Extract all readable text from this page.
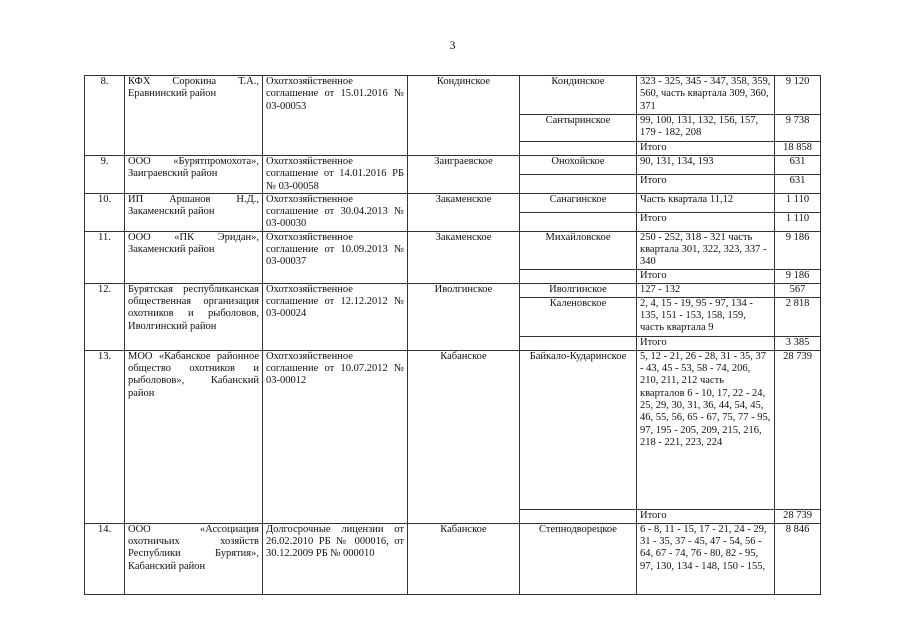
3
8.	КФХ Сорокина Т.А., Еравнинский район	Охотхозяйственное соглашение от 15.01.2016 № 03-00053	Кондинское	Кондинское	323 - 325, 345 - 347, 358, 359, 560, часть квартала 309, 360, 371	9 120
				Сантыринское	99, 100, 131, 132, 156, 157, 179 - 182, 208	9 738
					Итого	18 858
9.	ООО «Бурятпромохота», Заиграевский район	Охотхозяйственное соглашение от 14.01.2016 РБ № 03-00058	Заиграевское	Онохойское	90, 131, 134, 193	631
					Итого	631
10.	ИП Аршанов Н.Д., Закаменский район	Охотхозяйственное соглашение от 30.04.2013 № 03-00030	Закаменское	Санагинское	Часть квартала 11,12	1 110
					Итого	1 110
11.	ООО «ПК Эридан», Закаменский район	Охотхозяйственное соглашение от 10.09.2013 № 03-00037	Закаменское	Михайловское	250 - 252, 318 - 321 часть квартала 301, 322, 323, 337 - 340	9 186
					Итого	9 186
12.	Бурятская республиканская общественная организация охотников и рыболовов, Иволгинский район	Охотхозяйственное соглашение от 12.12.2012 № 03-00024	Иволгинское	Иволгинское	127 - 132	567
				Каленовское	2, 4, 15 - 19, 95 - 97, 134 - 135, 151 - 153, 158, 159, часть квартала 9	2 818
					Итого	3 385
13.	МОО «Кабанское районное общество охотников и рыболовов», Кабанский район	Охотхозяйственное соглашение от 10.07.2012 № 03-00012	Кабанское	Байкало-Кударинское	5, 12 - 21, 26 - 28, 31 - 35, 37 - 43, 45 - 53, 58 - 74, 206, 210, 211, 212 часть кварталов 6 - 10, 17, 22 - 24, 25, 29, 30, 31, 36, 44, 54, 45, 46, 55, 56, 65 - 67, 75, 77 - 95, 97, 195 - 205, 209, 215, 216, 218 - 221, 223, 224	28 739
					Итого	28 739
14.	ООО «Ассоциация охотничьих хозяйств Республики Бурятия», Кабанский район	Долгосрочные лицензии от 26.02.2010 РБ № 000016, от 30.12.2009 РБ № 000010	Кабанское	Степнодворецкое	6 - 8, 11 - 15, 17 - 21, 24 - 29, 31 - 35, 37 - 45, 47 - 54, 56 - 64, 67 - 74, 76 - 80, 82 - 95, 97, 130, 134 - 148, 150 - 155,	8 846
